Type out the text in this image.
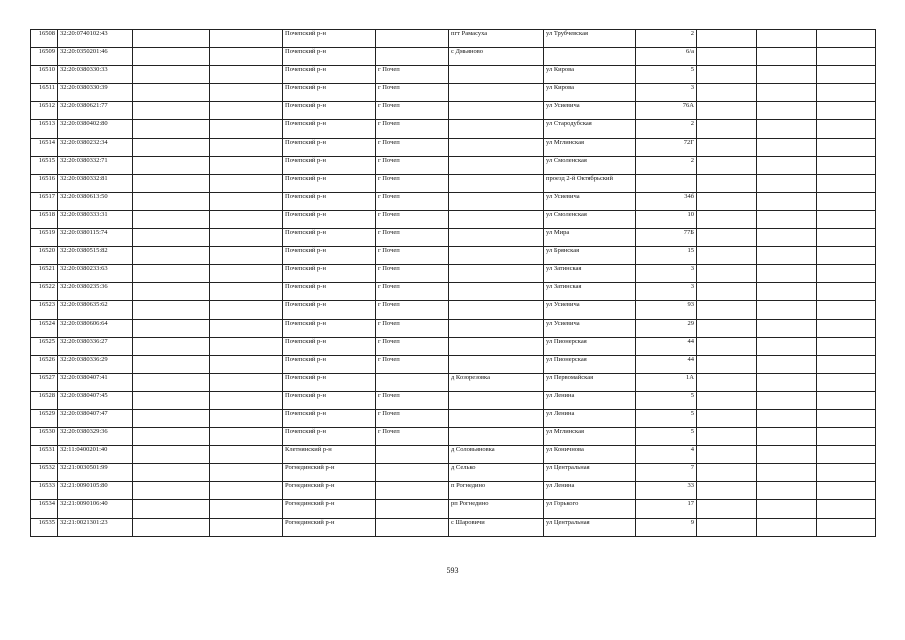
16508	32:20:0740102:43			Почепский р-н		пгт Рамасуха	ул Трубчевская	2			
16509	32:20:0350201:46			Почепский р-н		с Дмьяново		6/а			
16510	32:20:0380330:33			Почепский р-н	г Почеп		ул Кирова	5			
16511	32:20:0380330:39			Почепский р-н	г Почеп		ул Кирова	3			
16512	32:20:0380621:77			Почепский р-н	г Почеп		ул Усиевича	76А			
16513	32:20:0380402:80			Почепский р-н	г Почеп		ул Стародубская	2			
16514	32:20:0380232:34			Почепский р-н	г Почеп		ул Мглинская	72Г			
16515	32:20:0380332:71			Почепский р-н	г Почеп		ул Смоленская	2			
16516	32:20:0380332:81			Почепский р-н	г Почеп		проезд 2-й Октябрьский				
16517	32:20:0380613:50			Почепский р-н	г Почеп		ул Усиевича	34б			
16518	32:20:0380333:31			Почепский р-н	г Почеп		ул Смоленская	10			
16519	32:20:0380115:74			Почепский р-н	г Почеп		ул Мира	77Б			
16520	32:20:0380515:82			Почепский р-н	г Почеп		ул Брянская	15			
16521	32:20:0380233:63			Почепский р-н	г Почеп		ул Затинская	3			
16522	32:20:0380235:36			Почепский р-н	г Почеп		ул Затинская	3			
16523	32:20:0380635:62			Почепский р-н	г Почеп		ул Усиевича	93			
16524	32:20:0380606:64			Почепский р-н	г Почеп		ул Усиевича	29			
16525	32:20:0380336:27			Почепский р-н	г Почеп		ул Пионерская	44			
16526	32:20:0380336:29			Почепский р-н	г Почеп		ул Пионерская	44			
16527	32:20:0380407:41			Почепский р-н		д Козорезовка	ул Первомайская	1А			
16528	32:20:0380407:45			Почепский р-н	г Почеп		ул Ленина	5			
16529	32:20:0380407:47			Почепский р-н	г Почеп		ул Ленина	5			
16530	32:20:0380329:36			Почепский р-н	г Почеп		ул Мглинская	5			
16531	32:11:0400201:40			Клетнянский р-н		д Соловьяновка	ул Коничнова	4			
16532	32:21:0030501:99			Рогнединский р-н		д Селько	ул Центральная	7			
16533	32:21:0090105:80			Рогнединский р-н		п Рогнедино	ул Ленина	33			
16534	32:21:0090106:40			Рогнединский р-н		рп Рогнедино	ул Горького	17			
16535	32:21:0021301:23			Рогнединский р-н		с Шаровичи	ул Центральная	9			
593
